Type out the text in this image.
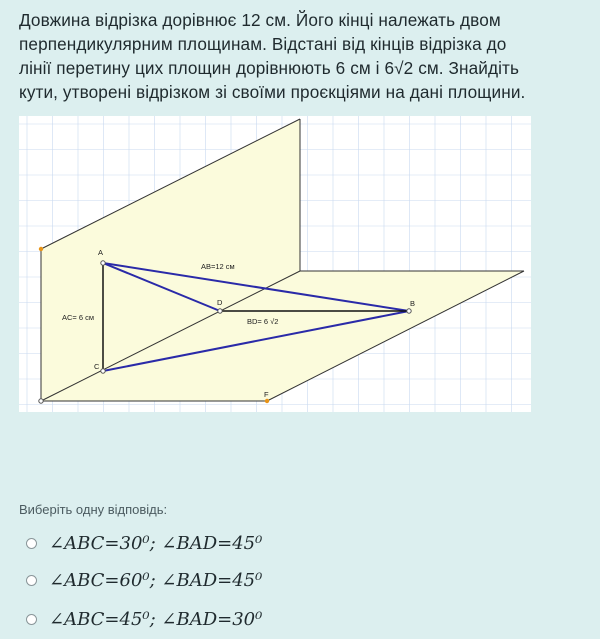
Довжина відрізка дорівнює 12 см. Його кінці належать двом
перпендикулярним площинам. Відстані від кінців відрізка до
лінії перетину цих площин дорівнюють 6 см і 6√2 см. Знайдіть
кути, утворені відрізком зі своїми проєкціями на дані площини.
A
B
C
D
F
AB=12 см
AC= 6 см	BD= 6 √2
Виберіть одну відповідь:
∠ABC=30⁰; ∠BAD=45⁰
∠ABC=60⁰; ∠BAD=45⁰
∠ABC=45⁰; ∠BAD=30⁰
